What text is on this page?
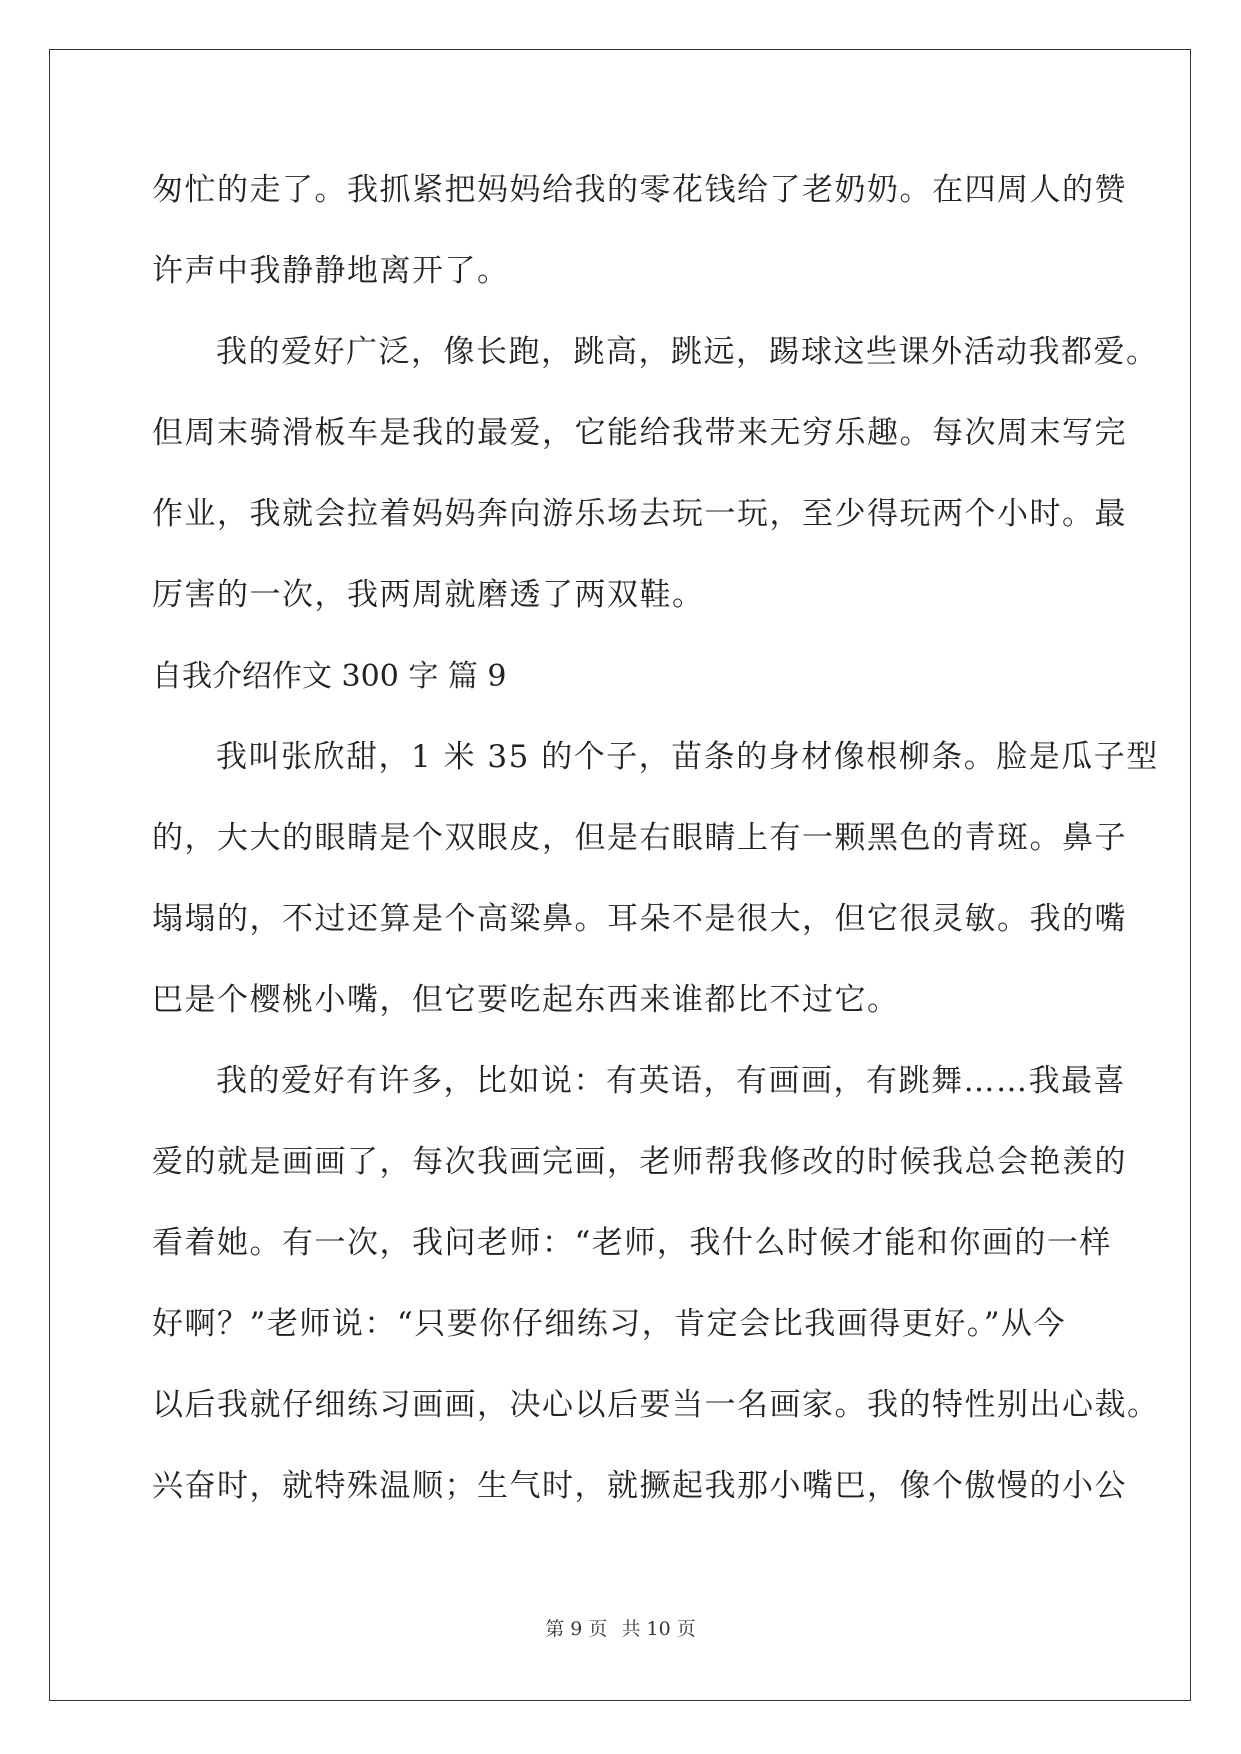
匆忙的走了。我抓紧把妈妈给我的零花钱给了老奶奶。在四周人的赞
许声中我静静地离开了。
我的爱好广泛，像长跑，跳高，跳远，踢球这些课外活动我都爱。
但周末骑滑板车是我的最爱，它能给我带来无穷乐趣。每次周末写完
作业，我就会拉着妈妈奔向游乐场去玩一玩，至少得玩两个小时。最
厉害的一次，我两周就磨透了两双鞋。
自我介绍作文 300 字 篇 9
我叫张欣甜，1 米 35 的个子，苗条的身材像根柳条。脸是瓜子型
的，大大的眼睛是个双眼皮，但是右眼睛上有一颗黑色的青斑。鼻子
塌塌的，不过还算是个高粱鼻。耳朵不是很大，但它很灵敏。我的嘴
巴是个樱桃小嘴，但它要吃起东西来谁都比不过它。
我的爱好有许多，比如说：有英语，有画画，有跳舞……我最喜
爱的就是画画了，每次我画完画，老师帮我修改的时候我总会艳羡的
看着她。有一次，我问老师：“老师，我什么时候才能和你画的一样
好啊？”老师说：“只要你仔细练习，肯定会比我画得更好。”从今
以后我就仔细练习画画，决心以后要当一名画家。我的特性别出心裁。
兴奋时，就特殊温顺；生气时，就撅起我那小嘴巴，像个傲慢的小公
第 9 页 共 10 页
